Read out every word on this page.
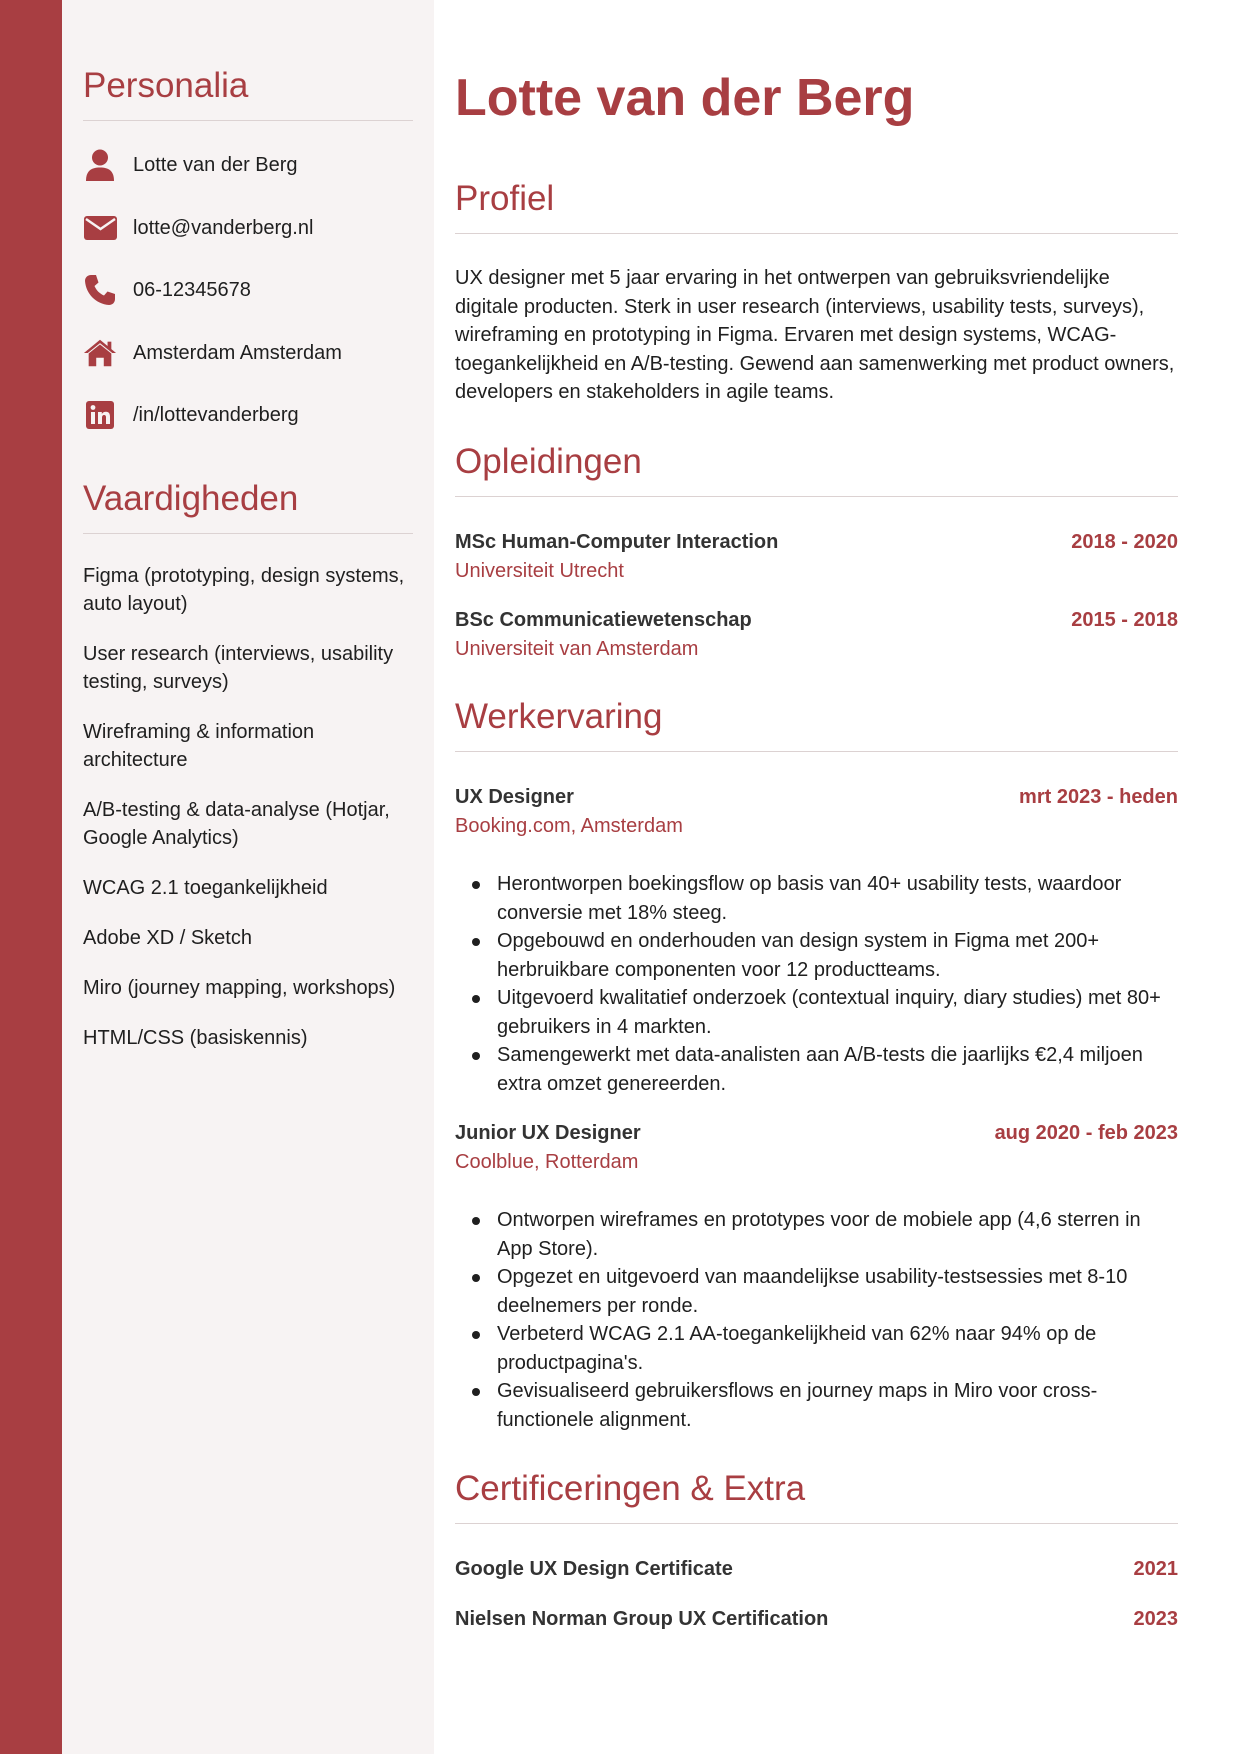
Personalia
Lotte van der Berg
lotte@vanderberg.nl
06-12345678
Amsterdam Amsterdam
/in/lottevanderberg
Vaardigheden
Figma (prototyping, design systems, auto layout)
User research (interviews, usability testing, surveys)
Wireframing & information architecture
A/B-testing & data-analyse (Hotjar, Google Analytics)
WCAG 2.1 toegankelijkheid
Adobe XD / Sketch
Miro (journey mapping, workshops)
HTML/CSS (basiskennis)
Lotte van der Berg
Profiel
UX designer met 5 jaar ervaring in het ontwerpen van gebruiksvriendelijke digitale producten. Sterk in user research (interviews, usability tests, surveys), wireframing en prototyping in Figma. Ervaren met design systems, WCAG-toegankelijkheid en A/B-testing. Gewend aan samenwerking met product owners, developers en stakeholders in agile teams.
Opleidingen
MSc Human-Computer Interaction	2018 - 2020
Universiteit Utrecht
BSc Communicatiewetenschap	2015 - 2018
Universiteit van Amsterdam
Werkervaring
UX Designer	mrt 2023 - heden
Booking.com, Amsterdam
Herontworpen boekingsflow op basis van 40+ usability tests, waardoor conversie met 18% steeg.
Opgebouwd en onderhouden van design system in Figma met 200+ herbruikbare componenten voor 12 productteams.
Uitgevoerd kwalitatief onderzoek (contextual inquiry, diary studies) met 80+ gebruikers in 4 markten.
Samengewerkt met data-analisten aan A/B-tests die jaarlijks €2,4 miljoen extra omzet genereerden.
Junior UX Designer	aug 2020 - feb 2023
Coolblue, Rotterdam
Ontworpen wireframes en prototypes voor de mobiele app (4,6 sterren in App Store).
Opgezet en uitgevoerd van maandelijkse usability-testsessies met 8-10 deelnemers per ronde.
Verbeterd WCAG 2.1 AA-toegankelijkheid van 62% naar 94% op de productpagina's.
Gevisualiseerd gebruikersflows en journey maps in Miro voor cross-functionele alignment.
Certificeringen & Extra
Google UX Design Certificate	2021
Nielsen Norman Group UX Certification	2023
